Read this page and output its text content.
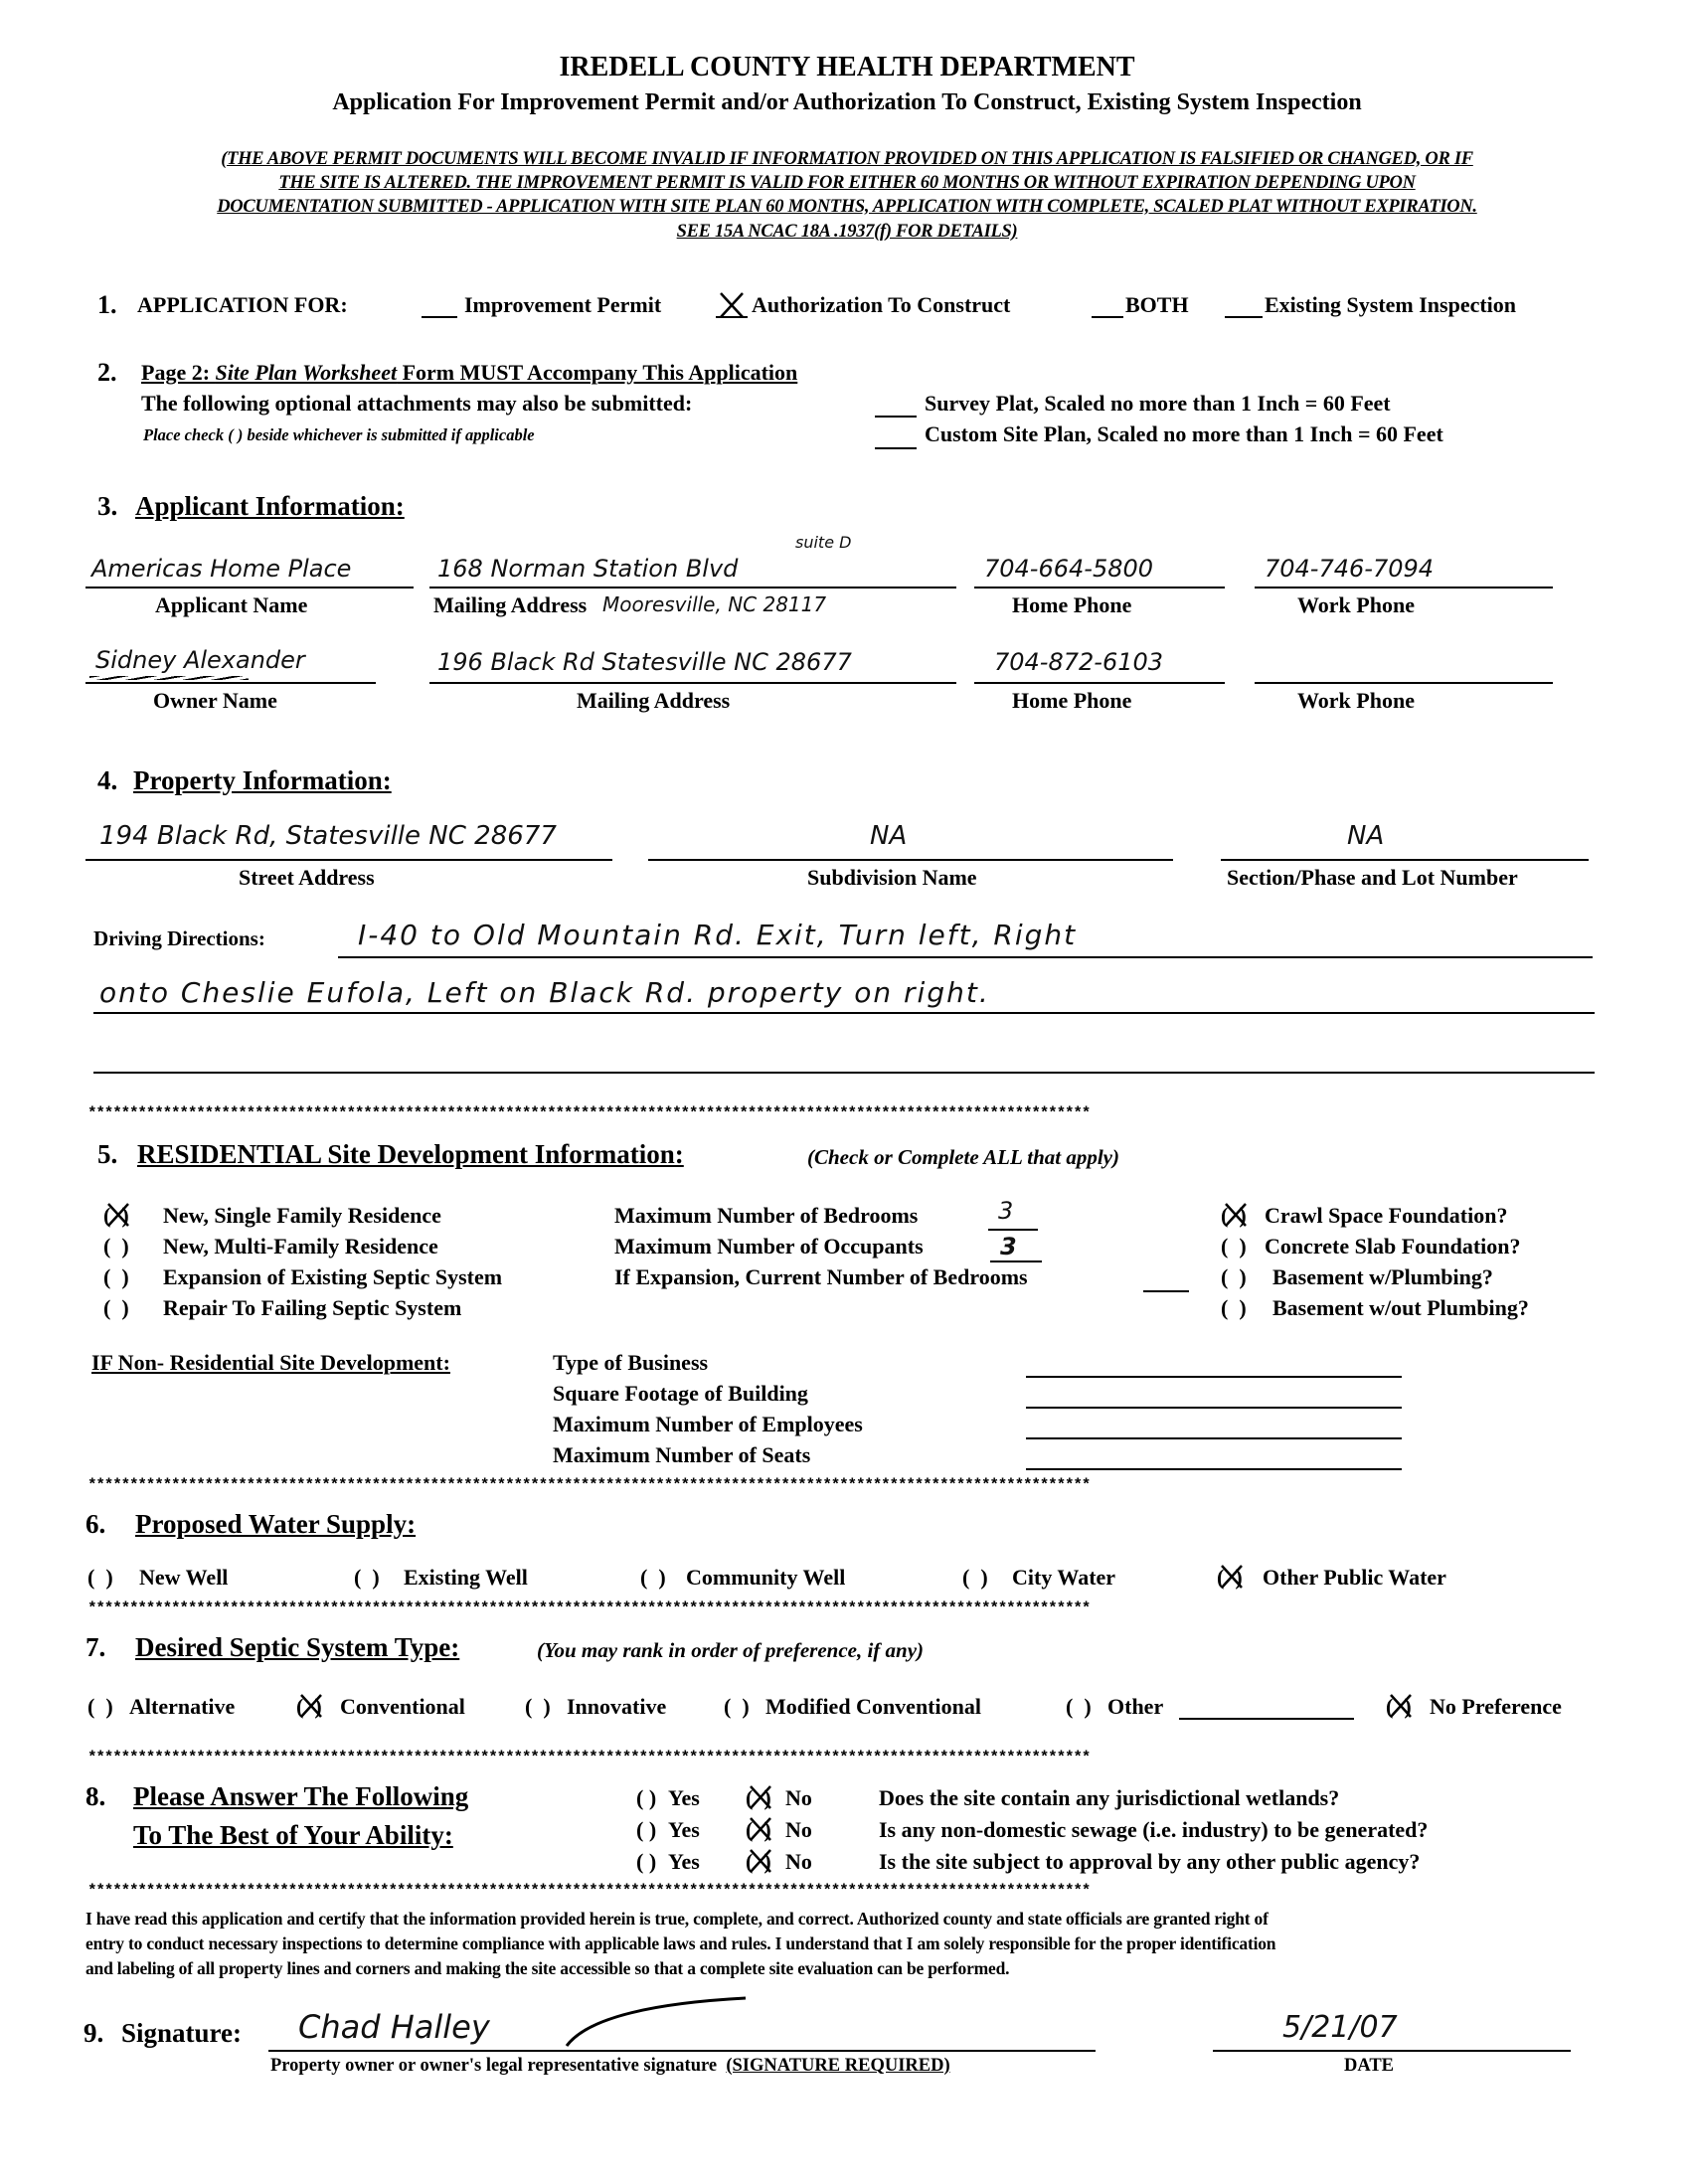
IREDELL COUNTY HEALTH DEPARTMENT
Application For Improvement Permit and/or Authorization To Construct, Existing System Inspection
(THE ABOVE PERMIT DOCUMENTS WILL BECOME INVALID IF INFORMATION PROVIDED ON THIS APPLICATION IS FALSIFIED OR CHANGED, OR IF
THE SITE IS ALTERED. THE IMPROVEMENT PERMIT IS VALID FOR EITHER 60 MONTHS OR WITHOUT EXPIRATION DEPENDING UPON
DOCUMENTATION SUBMITTED - APPLICATION WITH SITE PLAN 60 MONTHS, APPLICATION WITH COMPLETE, SCALED PLAT WITHOUT EXPIRATION.
SEE 15A NCAC 18A .1937(f) FOR DETAILS)
1. APPLICATION FOR:	Improvement Permit	Authorization To Construct	BOTH	Existing System Inspection
2. Page 2: Site Plan Worksheet Form MUST Accompany This Application
The following optional attachments may also be submitted:
Place check ( ) beside whichever is submitted if applicable
Survey Plat, Scaled no more than 1 Inch = 60 Feet
Custom Site Plan, Scaled no more than 1 Inch = 60 Feet
3. Applicant Information:
Americas Home Place	168 Norman Station Blvd
suite D
704-664-5800	704-746-7094
Applicant Name	Mailing Address Mooresville, NC 28117	Home Phone	Work Phone
Sidney Alexander	196 Black Rd Statesville NC 28677	704-872-6103
Owner Name	Mailing Address	Home Phone	Work Phone
4. Property Information:
194 Black Rd, Statesville NC 28677	NA	NA
Street Address	Subdivision Name	Section/Phase and Lot Number
Driving Directions:	I-40 to Old Mountain Rd. Exit, Turn left, Right
onto Cheslie Eufola, Left on Black Rd. property on right.
************************************************************************************************************************
5. RESIDENTIAL Site Development Information:	(Check or Complete ALL that apply)
(  ) New, Single Family Residence
(  ) New, Multi-Family Residence
(  ) Expansion of Existing Septic System
(  ) Repair To Failing Septic System
Maximum Number of Bedrooms	3
Maximum Number of Occupants	3
If Expansion, Current Number of Bedrooms
(  ) Crawl Space Foundation?
(  ) Concrete Slab Foundation?
(  ) Basement w/Plumbing?
(  ) Basement w/out Plumbing?
IF Non- Residential Site Development:	Type of Business
Square Footage of Building
Maximum Number of Employees
Maximum Number of Seats
************************************************************************************************************************
6. Proposed Water Supply:
(  ) New Well	(  ) Existing Well	(  ) Community Well	(  ) City Water	(  ) Other Public Water
************************************************************************************************************************
7. Desired Septic System Type:	(You may rank in order of preference, if any)
(  ) Alternative	(  ) Conventional	(  ) Innovative	(  ) Modified Conventional	(  ) Other	(  ) No Preference
************************************************************************************************************************
8. Please Answer The Following
To The Best of Your Ability:
( ) Yes (  ) No	Does the site contain any jurisdictional wetlands?
( ) Yes (  ) No	Is any non-domestic sewage (i.e. industry) to be generated?
( ) Yes (  ) No	Is the site subject to approval by any other public agency?
************************************************************************************************************************
I have read this application and certify that the information provided herein is true, complete, and correct. Authorized county and state officials are granted right of
entry to conduct necessary inspections to determine compliance with applicable laws and rules. I understand that I am solely responsible for the proper identification
and labeling of all property lines and corners and making the site accessible so that a complete site evaluation can be performed.
9. Signature: Chad Halley
Property owner or owner's legal representative signature (SIGNATURE REQUIRED)
5/21/07
DATE
